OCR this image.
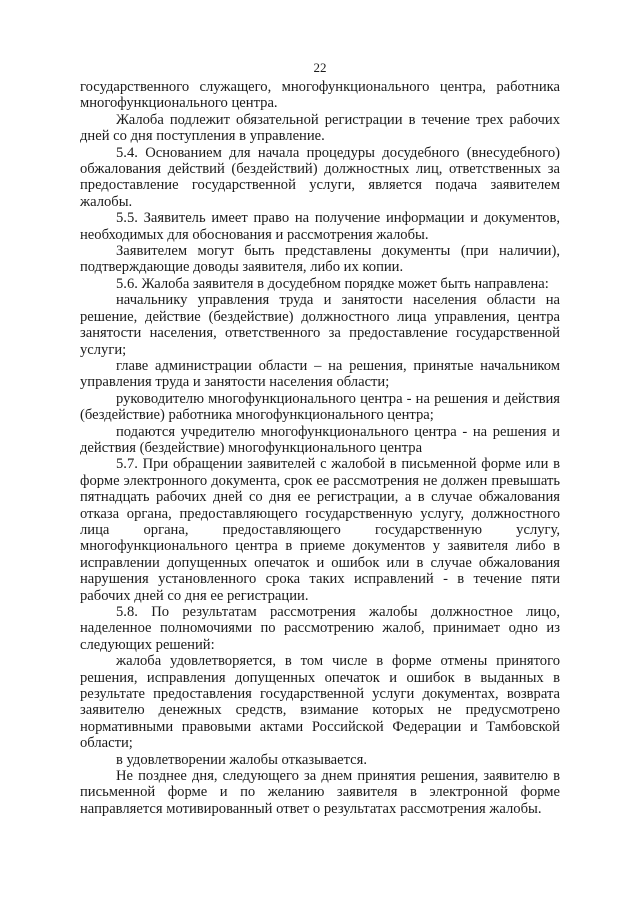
22

государственного служащего, многофункционального центра, работника многофункционального центра.

Жалоба подлежит обязательной регистрации в течение трех рабочих дней со дня поступления в управление.

5.4. Основанием для начала процедуры досудебного (внесудебного) обжалования действий (бездействий) должностных лиц, ответственных за предоставление государственной услуги, является подача заявителем жалобы.

5.5. Заявитель имеет право на получение информации и документов, необходимых для обоснования и рассмотрения жалобы.

Заявителем могут быть представлены документы (при наличии), подтверждающие доводы заявителя, либо их копии.

5.6. Жалоба заявителя в досудебном порядке может быть направлена:

начальнику управления труда и занятости населения области на решение, действие (бездействие) должностного лица управления, центра занятости населения, ответственного за предоставление государственной услуги;

главе администрации области – на решения, принятые начальником управления труда и занятости населения области;

руководителю многофункционального центра - на решения и действия (бездействие) работника многофункционального центра;

подаются учредителю многофункционального центра - на решения и действия (бездействие) многофункционального центра

5.7. При обращении заявителей с жалобой в письменной форме или в форме электронного документа, срок ее рассмотрения не должен превышать пятнадцать рабочих дней со дня ее регистрации, а в случае обжалования отказа органа, предоставляющего государственную услугу, должностного лица органа, предоставляющего государственную услугу, многофункционального центра в приеме документов у заявителя либо в исправлении допущенных опечаток и ошибок или в случае обжалования нарушения установленного срока таких исправлений - в течение пяти рабочих дней со дня ее регистрации.

5.8. По результатам рассмотрения жалобы должностное лицо, наделенное полномочиями по рассмотрению жалоб, принимает одно из следующих решений:

жалоба удовлетворяется, в том числе в форме отмены принятого решения, исправления допущенных опечаток и ошибок в выданных в результате предоставления государственной услуги документах, возврата заявителю денежных средств, взимание которых не предусмотрено нормативными правовыми актами Российской Федерации и Тамбовской области;

в удовлетворении жалобы отказывается.

Не позднее дня, следующего за днем принятия решения, заявителю в письменной форме и по желанию заявителя в электронной форме направляется мотивированный ответ о результатах рассмотрения жалобы.
